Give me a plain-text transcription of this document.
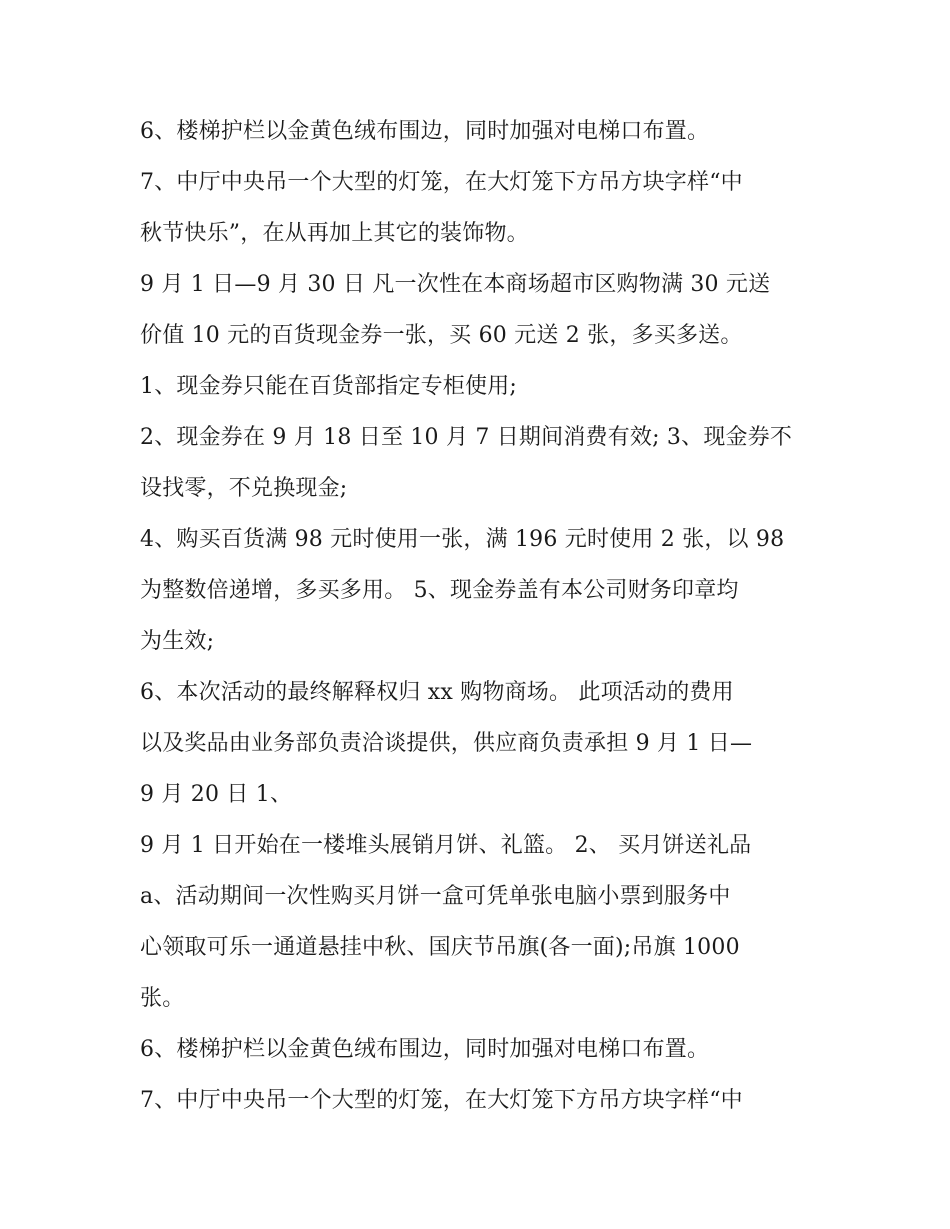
6、楼梯护栏以金黄色绒布围边，同时加强对电梯口布置。
7、中厅中央吊一个大型的灯笼，在大灯笼下方吊方块字样“中
秋节快乐”，在从再加上其它的装饰物。
9 月 1 日—9 月 30 日 凡一次性在本商场超市区购物满 30 元送
价值 10 元的百货现金券一张，买 60 元送 2 张，多买多送。
1、现金券只能在百货部指定专柜使用;
2、现金券在 9 月 18 日至 10 月 7 日期间消费有效; 3、现金券不
设找零，不兑换现金;
4、购买百货满 98 元时使用一张，满 196 元时使用 2 张，以 98
为整数倍递增，多买多用。 5、现金券盖有本公司财务印章均
为生效;
6、本次活动的最终解释权归 xx 购物商场。 此项活动的费用
以及奖品由业务部负责洽谈提供，供应商负责承担 9 月 1 日—
9 月 20 日 1、
9 月 1 日开始在一楼堆头展销月饼、礼篮。 2、 买月饼送礼品
a、活动期间一次性购买月饼一盒可凭单张电脑小票到服务中
心领取可乐一通道悬挂中秋、国庆节吊旗(各一面);吊旗 1000
张。
6、楼梯护栏以金黄色绒布围边，同时加强对电梯口布置。
7、中厅中央吊一个大型的灯笼，在大灯笼下方吊方块字样“中
